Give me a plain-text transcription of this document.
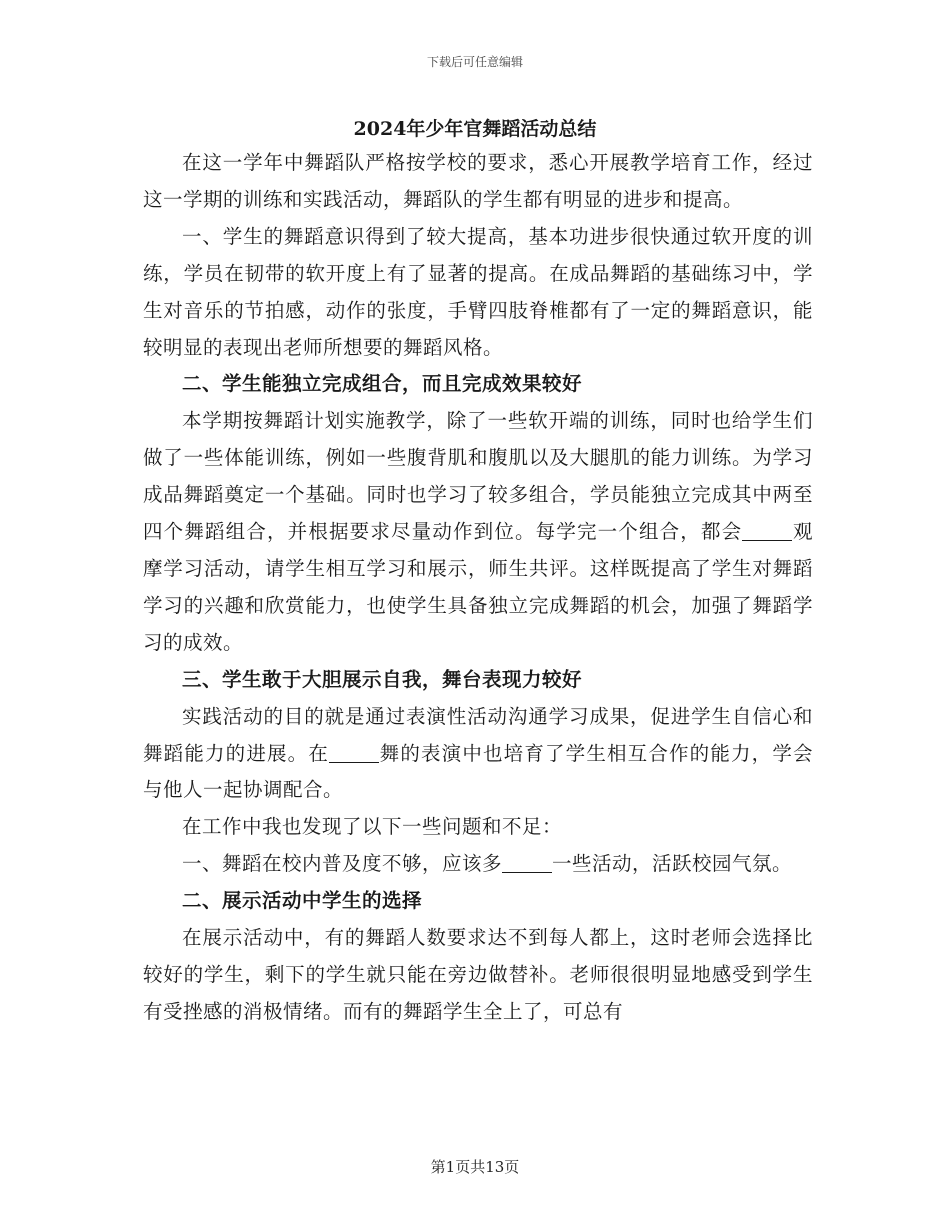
下载后可任意编辑
2024年少年官舞蹈活动总结

在这一学年中舞蹈队严格按学校的要求，悉心开展教学培育工作，经过这一学期的训练和实践活动，舞蹈队的学生都有明显的进步和提高。

一、学生的舞蹈意识得到了较大提高，基本功进步很快通过软开度的训练，学员在韧带的软开度上有了显著的提高。在成品舞蹈的基础练习中，学生对音乐的节拍感，动作的张度，手臂四肢脊椎都有了一定的舞蹈意识，能较明显的表现出老师所想要的舞蹈风格。

二、学生能独立完成组合，而且完成效果较好

本学期按舞蹈计划实施教学，除了一些软开端的训练，同时也给学生们做了一些体能训练，例如一些腹背肌和腹肌以及大腿肌的能力训练。为学习成品舞蹈奠定一个基础。同时也学习了较多组合，学员能独立完成其中两至四个舞蹈组合，并根据要求尽量动作到位。每学完一个组合，都会	观摩学习活动，请学生相互学习和展示，师生共评。这样既提高了学生对舞蹈学习的兴趣和欣赏能力，也使学生具备独立完成舞蹈的机会，加强了舞蹈学习的成效。

三、学生敢于大胆展示自我，舞台表现力较好

实践活动的目的就是通过表演性活动沟通学习成果，促进学生自信心和舞蹈能力的进展。在	舞的表演中也培育了学生相互合作的能力，学会与他人一起协调配合。

在工作中我也发现了以下一些问题和不足：

一、舞蹈在校内普及度不够，应该多	一些活动，活跃校园气氛。

二、展示活动中学生的选择

在展示活动中，有的舞蹈人数要求达不到每人都上，这时老师会选择比较好的学生，剩下的学生就只能在旁边做替补。老师很很明显地感受到学生有受挫感的消极情绪。而有的舞蹈学生全上了，可总有

第1页共13页
